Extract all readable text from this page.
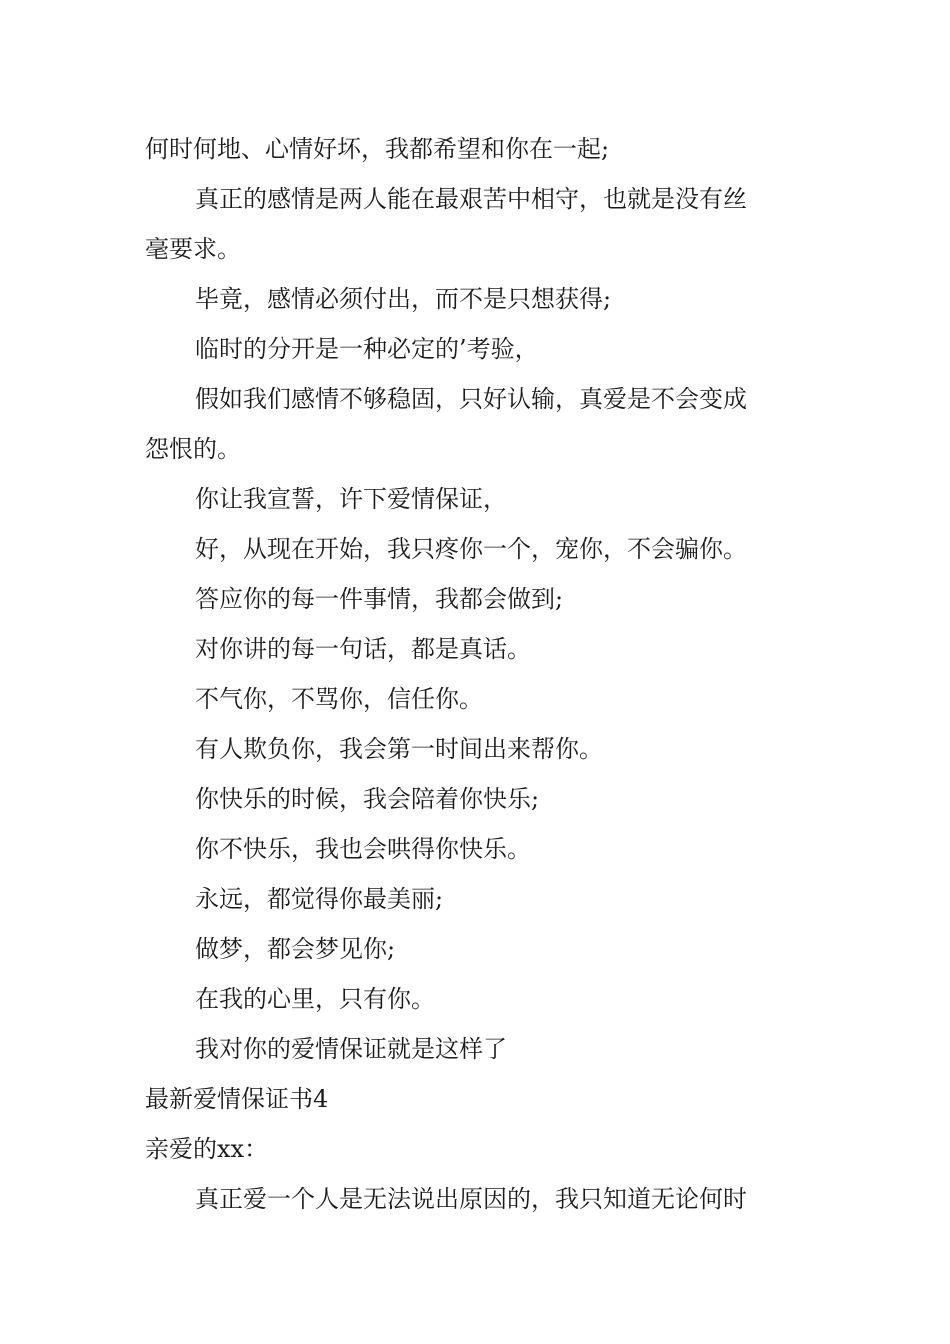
何时何地、心情好坏，我都希望和你在一起;
真正的感情是两人能在最艰苦中相守，也就是没有丝
毫要求。
毕竟，感情必须付出，而不是只想获得;
临时的分开是一种必定的’考验，
假如我们感情不够稳固，只好认输，真爱是不会变成
怨恨的。
你让我宣誓，许下爱情保证，
好，从现在开始，我只疼你一个，宠你，不会骗你。
答应你的每一件事情，我都会做到;
对你讲的每一句话，都是真话。
不气你，不骂你，信任你。
有人欺负你，我会第一时间出来帮你。
你快乐的时候，我会陪着你快乐;
你不快乐，我也会哄得你快乐。
永远，都觉得你最美丽;
做梦，都会梦见你;
在我的心里，只有你。
我对你的爱情保证就是这样了
最新爱情保证书4
亲爱的xx：
真正爱一个人是无法说出原因的，我只知道无论何时
